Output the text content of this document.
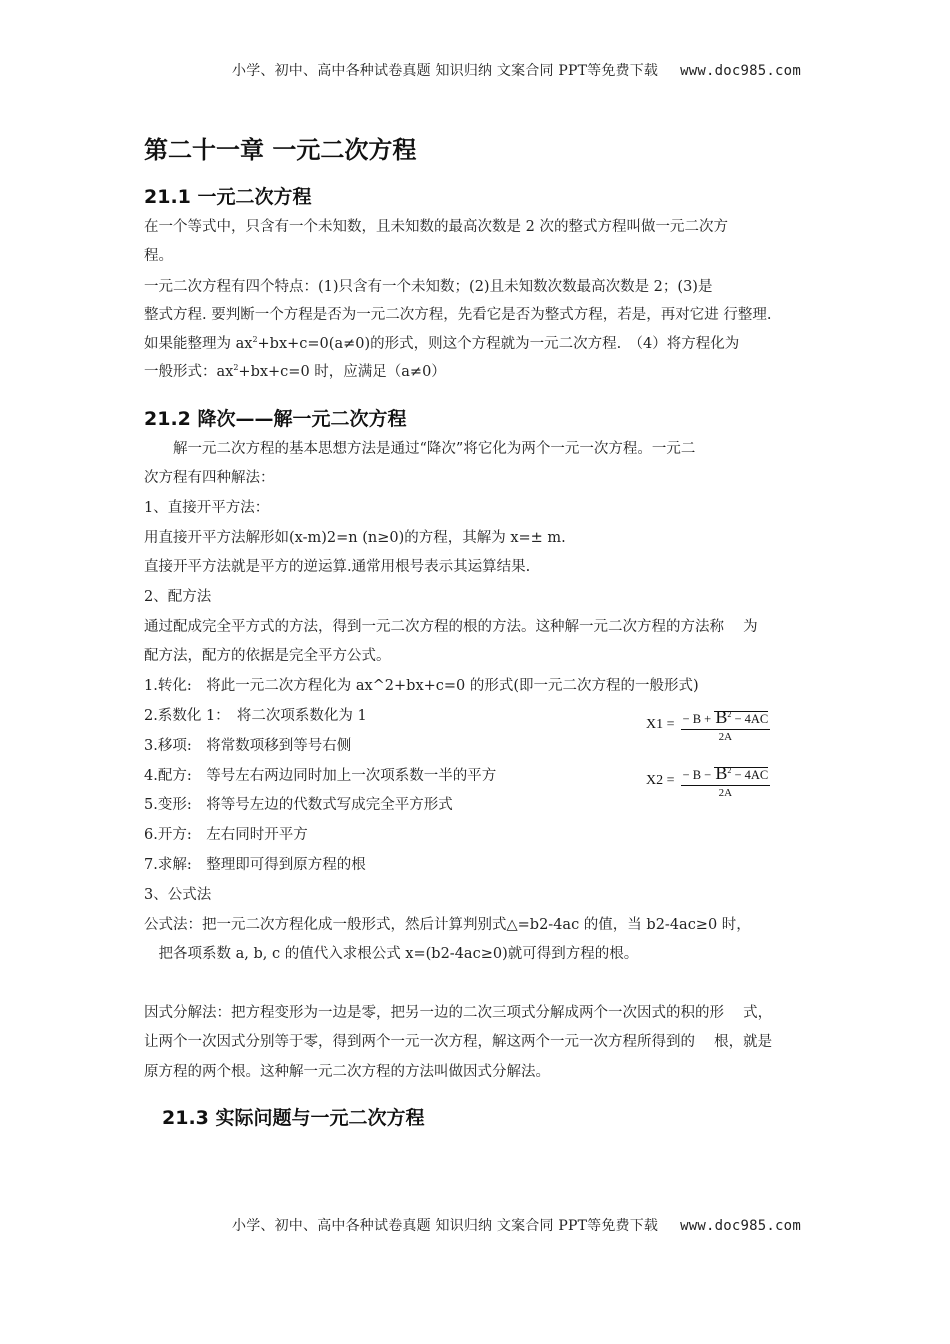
小学、初中、高中各种试卷真题 知识归纳 文案合同 PPT等免费下载 www.doc985.com
第二十一章 一元二次方程
21.1 一元二次方程
在一个等式中，只含有一个未知数，且未知数的最高次数是 2 次的整式方程叫做一元二次方
程。
一元二次方程有四个特点：(1)只含有一个未知数；(2)且未知数次数最高次数是 2；(3)是
整式方程. 要判断一个方程是否为一元二次方程，先看它是否为整式方程，若是，再对它进 行整理.
如果能整理为 $ax^2+bx+c=0(a\ne 0)$的形式，则这个方程就为一元二次方程.　（4）将方程化为
一般形式：$ax^2+bx+c=0$ 时，应满足（a≠0）
21.2 降次——解一元二次方程
　　解一元二次方程的基本思想方法是通过“降次”将它化为两个一元一次方程。一元二
次方程有四种解法：
1、直接开平方法：
用直接开平方法解形如(x-m)2=n (n≥0)的方程，其解为 x=± m.
直接开平方法就是平方的逆运算.通常用根号表示其运算结果.
2、配方法
通过配成完全平方式的方法，得到一元二次方程的根的方法。这种解一元二次方程的方法称　 为
配方法，配方的依据是完全平方公式。
1.转化:　将此一元二次方程化为 ax^2+bx+c=0 的形式(即一元二次方程的一般形式)
2.系数化 1：　将二次项系数化为 1
3.移项:　将常数项移到等号右侧
4.配方:　等号左右两边同时加上一次项系数一半的平方
5.变形:　将等号左边的代数式写成完全平方形式
6.开方:　左右同时开平方
7.求解:　整理即可得到原方程的根
$X1 = \frac{- B + B^2 - 4AC}{2A}$
$X2 = \frac{- B - B^2 - 4AC}{2A}$
3、公式法
公式法：把一元二次方程化成一般形式，然后计算判别式△=b2-4ac 的值，当 b2-4ac≥0 时，
　把各项系数 a, b, c 的值代入求根公式 x=(b2-4ac≥0)就可得到方程的根。
因式分解法：把方程变形为一边是零，把另一边的二次三项式分解成两个一次因式的积的形　 式，
让两个一次因式分别等于零，得到两个一元一次方程，解这两个一元一次方程所得到的　 根，就是
原方程的两个根。这种解一元二次方程的方法叫做因式分解法。
21.3 实际问题与一元二次方程
小学、初中、高中各种试卷真题 知识归纳 文案合同 PPT等免费下载 www.doc985.com
